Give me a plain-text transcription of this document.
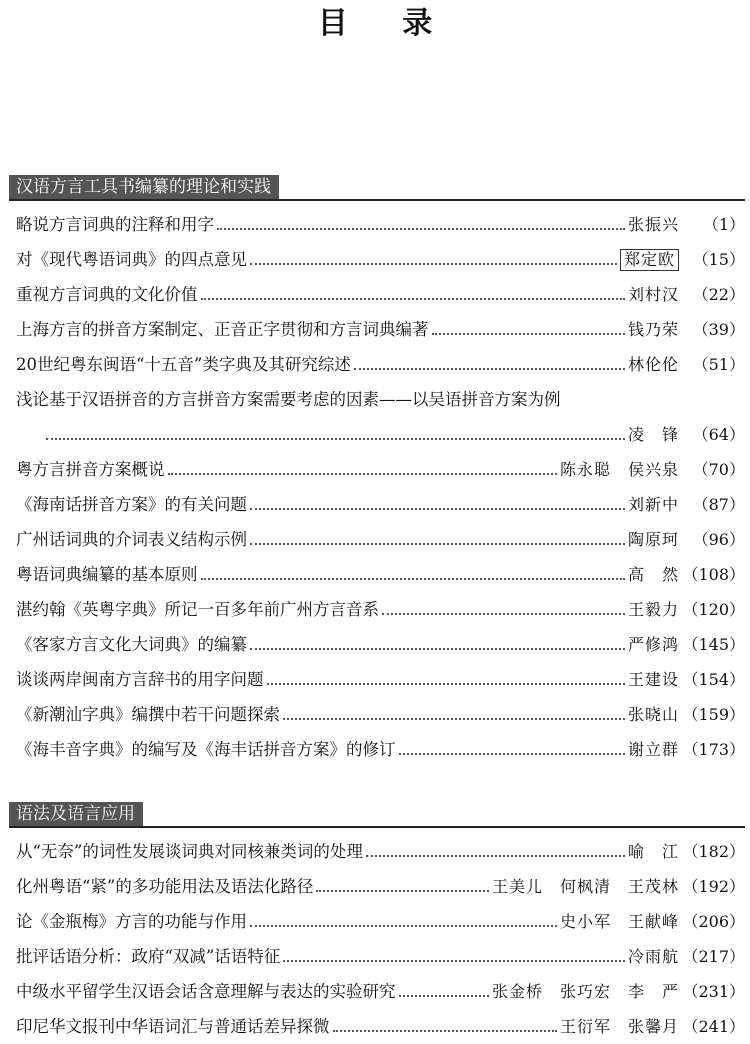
目 录
汉语方言工具书编纂的理论和实践
略说方言词典的注释和用字	张振兴	（1）
对《现代粤语词典》的四点意见	郑定欧	（15）
重视方言词典的文化价值	刘村汉 （22）
上海方言的拼音方案制定、正音正字贯彻和方言词典编著	钱乃荣 （39）
20世纪粤东闽语“十五音”类字典及其研究综述	林伦伦 （51）
浅论基于汉语拼音的方言拼音方案需要考虑的因素——以吴语拼音方案为例
凌　锋 （64）
粤方言拼音方案概说	陈永聪　侯兴泉 （70）
《海南话拼音方案》的有关问题	刘新中 （87）
广州话词典的介词表义结构示例	陶原珂 （96）
粤语词典编纂的基本原则	高　然 （108）
湛约翰《英粤字典》所记一百多年前广州方言音系	王毅力 （120）
《客家方言文化大词典》的编纂	严修鸿 （145）
谈谈两岸闽南方言辞书的用字问题	王建设 （154）
《新潮汕字典》编撰中若干问题探索	张晓山 （159）
《海丰音字典》的编写及《海丰话拼音方案》的修订	谢立群 （173）
语法及语言应用
从“无奈”的词性发展谈词典对同核兼类词的处理	喻　江 （182）
化州粤语“紧”的多功能用法及语法化路径	王美儿　何枫清　王茂林 （192）
论《金瓶梅》方言的功能与作用	史小军　王献峰 （206）
批评话语分析：政府“双减”话语特征	冷雨航 （217）
中级水平留学生汉语会话含意理解与表达的实验研究	张金桥　张巧宏　李　严 （231）
印尼华文报刊中华语词汇与普通话差异探微	王衍军　张馨月 （241）
